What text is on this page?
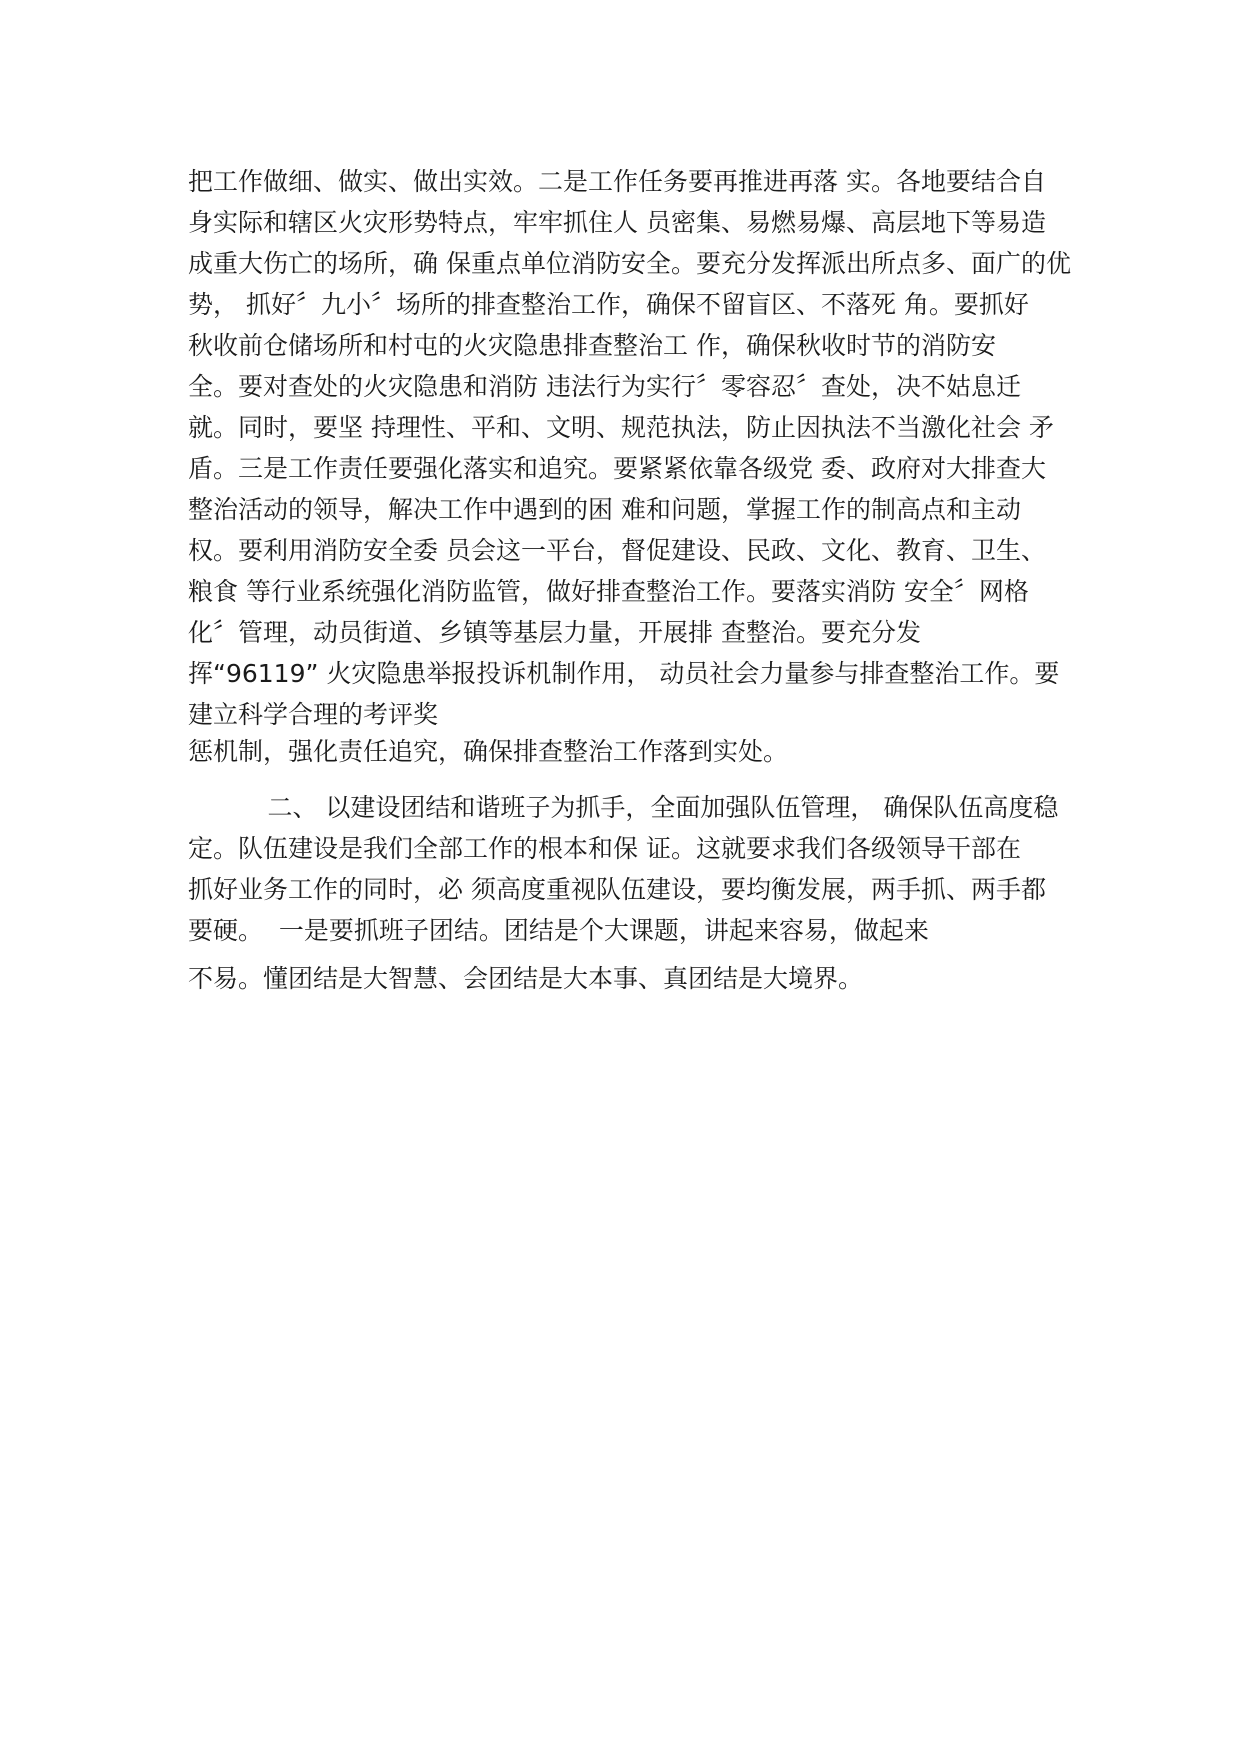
把工作做细、做实、做出实效。二是工作任务要再推进再落 实。各地要结合自
身实际和辖区火灾形势特点，牢牢抓住人 员密集、易燃易爆、高层地下等易造
成重大伤亡的场所，确 保重点单位消防安全。要充分发挥派出所点多、面广的优
势， 抓好〞九小〞场所的排查整治工作，确保不留盲区、不落死 角。要抓好
秋收前仓储场所和村屯的火灾隐患排查整治工 作，确保秋收时节的消防安
全。要对查处的火灾隐患和消防 违法行为实行〞零容忍〞查处，决不姑息迁
就。同时，要坚 持理性、平和、文明、规范执法，防止因执法不当激化社会 矛
盾。三是工作责任要强化落实和追究。要紧紧依靠各级党 委、政府对大排查大
整治活动的领导，解决工作中遇到的困 难和问题，掌握工作的制高点和主动
权。要利用消防安全委 员会这一平台，督促建设、民政、文化、教育、卫生、
粮食 等行业系统强化消防监管，做好排查整治工作。要落实消防 安全〞网格
化〞管理，动员街道、乡镇等基层力量，开展排 查整治。要充分发
挥“96119” 火灾隐患举报投诉机制作用， 动员社会力量参与排查整治工作。要
建立科学合理的考评奖
惩机制，强化责任追究，确保排查整治工作落到实处。
二、 以建设团结和谐班子为抓手，全面加强队伍管理， 确保队伍高度稳
定。队伍建设是我们全部工作的根本和保 证。这就要求我们各级领导干部在
抓好业务工作的同时，必 须高度重视队伍建设，要均衡发展，两手抓、两手都
要硬。  一是要抓班子团结。团结是个大课题，讲起来容易，做起来
不易。懂团结是大智慧、会团结是大本事、真团结是大境界。
